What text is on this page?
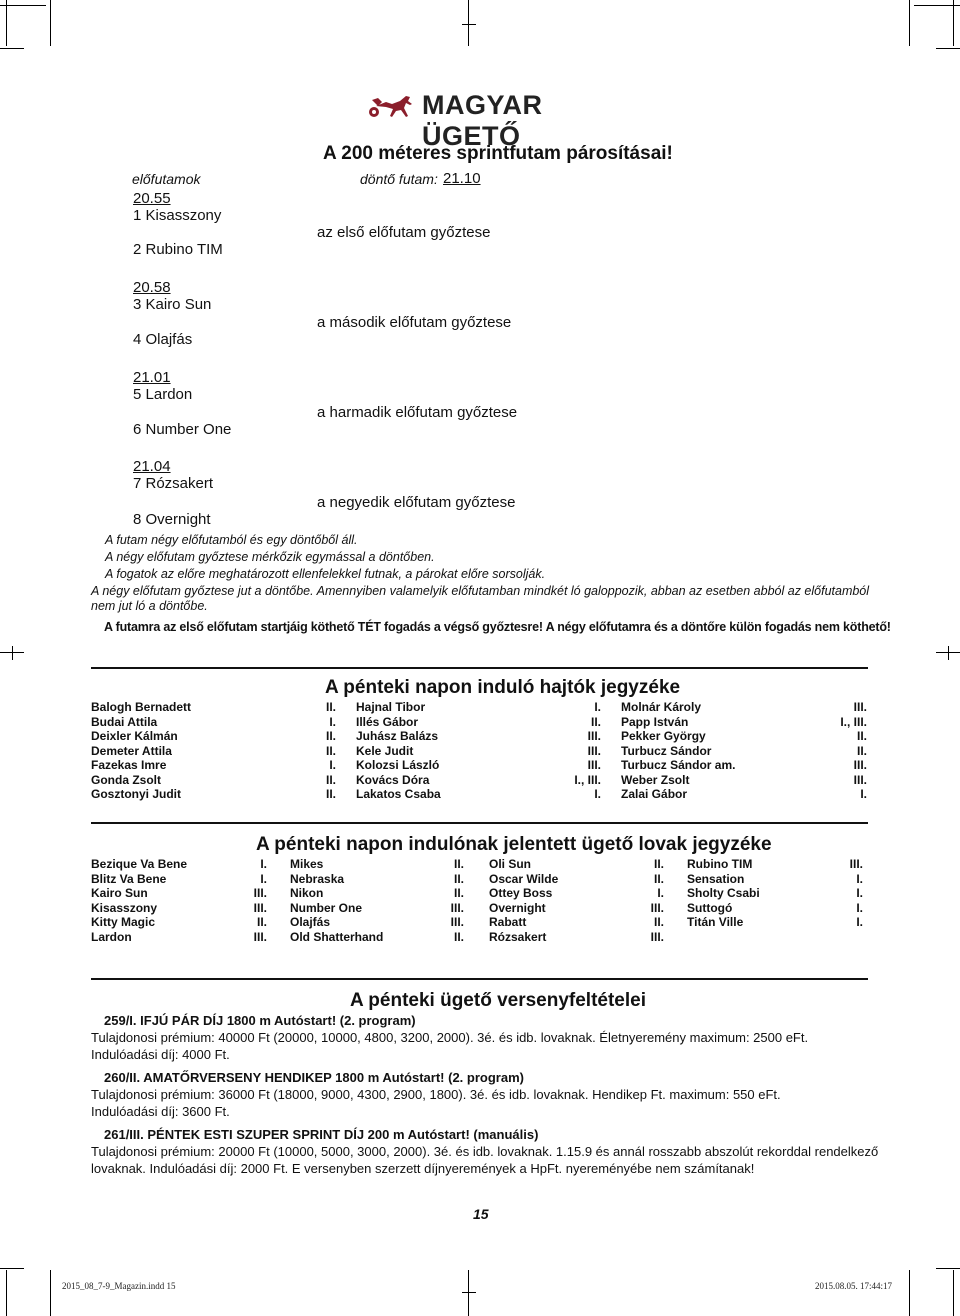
MAGYAR ÜGETŐ
A 200 méteres sprintfutam párosításai!
előfutamok	döntő futam: 21.10
20.55
1 Kisasszony
2 Rubino TIM
az első előfutam győztese
20.58
3 Kairo Sun
4 Olajfás
a második előfutam győztese
21.01
5 Lardon
6 Number One
a harmadik előfutam győztese
21.04
7 Rózsakert
8 Overnight
a negyedik előfutam győztese
A futam négy előfutamból és egy döntőből áll.
A négy előfutam győztese mérkőzik egymással a döntőben.
A fogatok az előre meghatározott ellenfelekkel futnak, a párokat előre sorsolják.
A négy előfutam győztese jut a döntőbe. Amennyiben valamelyik előfutamban mindkét ló galoppozik, abban az esetben abból az előfutamból
nem jut ló a döntőbe.
A futamra az első előfutam startjáig köthető TÉT fogadás a végső győztesre! A négy előfutamra és a döntőre külön fogadás nem köthető!
A pénteki napon induló hajtók jegyzéke
Balogh Bernadett	II.
Budai Attila	I.
Deixler Kálmán	II.
Demeter Attila	II.
Fazekas Imre	I.
Gonda Zsolt	II.
Gosztonyi Judit	II.
Hajnal Tibor	I.
Illés Gábor	II.
Juhász Balázs	III.
Kele Judit	III.
Kolozsi László	III.
Kovács Dóra	I., III.
Lakatos Csaba	I.
Molnár Károly	III.
Papp István	I., III.
Pekker György	II.
Turbucz Sándor	II.
Turbucz Sándor am.	III.
Weber Zsolt	III.
Zalai Gábor	I.
A pénteki napon indulónak jelentett ügető lovak jegyzéke
Bezique Va Bene	I.
Blitz Va Bene	I.
Kairo Sun	III.
Kisasszony	III.
Kitty Magic	II.
Lardon	III.
Mikes	II.
Nebraska	II.
Nikon	II.
Number One	III.
Olajfás	III.
Old Shatterhand	II.
Oli Sun	II.
Oscar Wilde	II.
Ottey Boss	I.
Overnight	III.
Rabatt	II.
Rózsakert	III.
Rubino TIM	III.
Sensation	I.
Sholty Csabi	I.
Suttogó	I.
Titán Ville	I.
A pénteki ügető versenyfeltételei
259/I. IFJÚ PÁR DÍJ 1800 m Autóstart! (2. program)
Tulajdonosi prémium: 40000 Ft (20000, 10000, 4800, 3200, 2000). 3é. és idb. lovaknak. Életnyeremény maximum: 2500 eFt.
Indulóadási díj: 4000 Ft.
260/II. AMATŐRVERSENY HENDIKEP 1800 m Autóstart! (2. program)
Tulajdonosi prémium: 36000 Ft (18000, 9000, 4300, 2900, 1800). 3é. és idb. lovaknak. Hendikep Ft. maximum: 550 eFt.
Indulóadási díj: 3600 Ft.
261/III. PÉNTEK ESTI SZUPER SPRINT DÍJ 200 m Autóstart! (manuális)
Tulajdonosi prémium: 20000 Ft (10000, 5000, 3000, 2000). 3é. és idb. lovaknak. 1.15.9 és annál rosszabb abszolút rekorddal rendelkező
lovaknak. Indulóadási díj: 2000 Ft. E versenyben szerzett díjnyeremények a HpFt. nyereményébe nem számítanak!
15
2015_08_7-9_Magazin.indd 15	2015.08.05. 17:44:17
